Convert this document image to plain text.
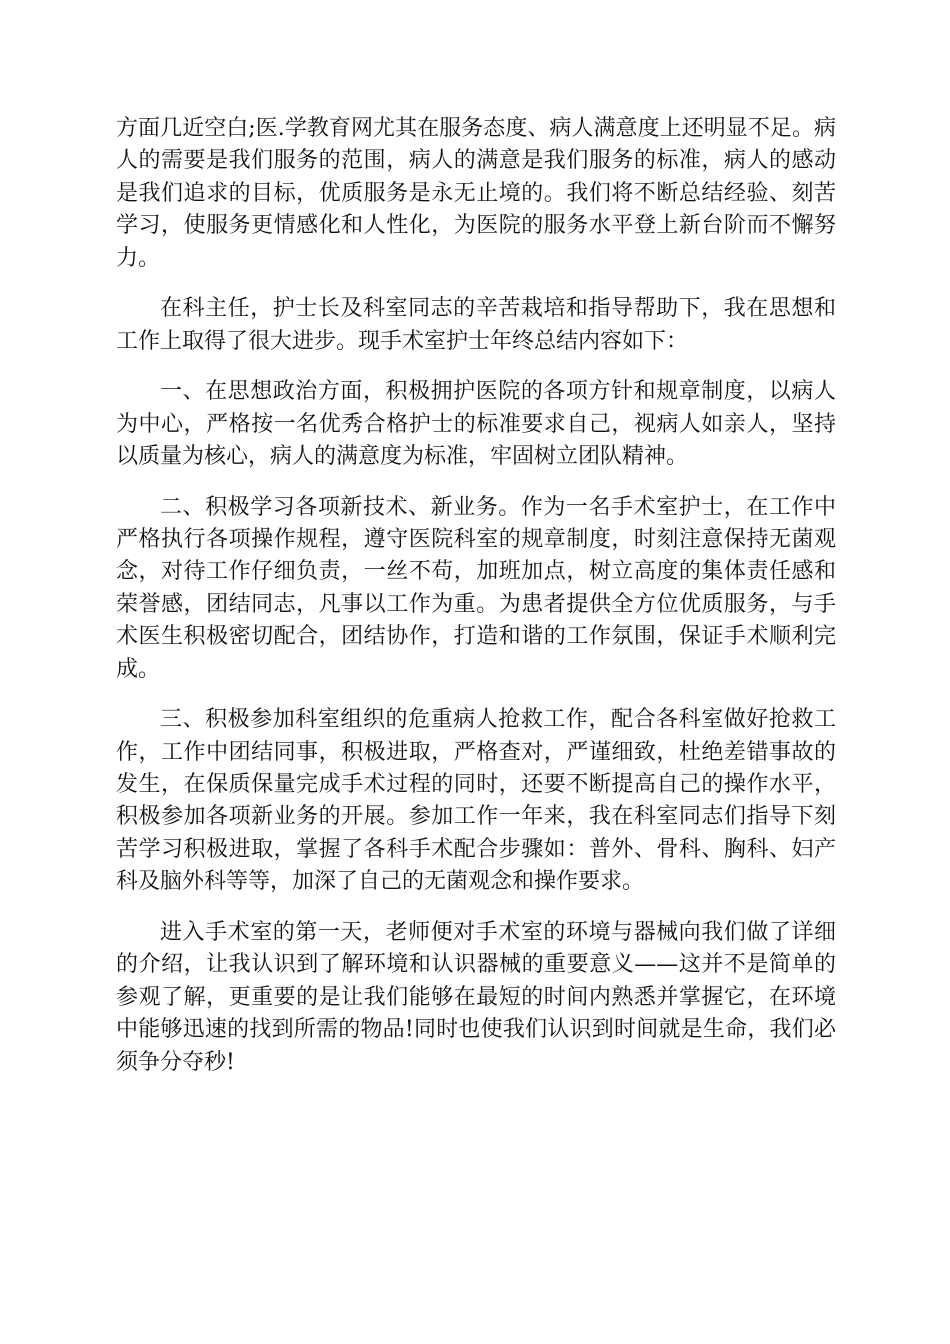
方面几近空白;医.学教育网尤其在服务态度、病人满意度上还明显不足。病人的需要是我们服务的范围，病人的满意是我们服务的标准，病人的感动是我们追求的目标，优质服务是永无止境的。我们将不断总结经验、刻苦学习，使服务更情感化和人性化，为医院的服务水平登上新台阶而不懈努力。

在科主任，护士长及科室同志的辛苦栽培和指导帮助下，我在思想和工作上取得了很大进步。现手术室护士年终总结内容如下：

一、在思想政治方面，积极拥护医院的各项方针和规章制度，以病人为中心，严格按一名优秀合格护士的标准要求自己，视病人如亲人，坚持以质量为核心，病人的满意度为标准，牢固树立团队精神。

二、积极学习各项新技术、新业务。作为一名手术室护士，在工作中严格执行各项操作规程，遵守医院科室的规章制度，时刻注意保持无菌观念，对待工作仔细负责，一丝不苟，加班加点，树立高度的集体责任感和荣誉感，团结同志，凡事以工作为重。为患者提供全方位优质服务，与手术医生积极密切配合，团结协作，打造和谐的工作氛围，保证手术顺利完成。

三、积极参加科室组织的危重病人抢救工作，配合各科室做好抢救工作，工作中团结同事，积极进取，严格查对，严谨细致，杜绝差错事故的发生，在保质保量完成手术过程的同时，还要不断提高自己的操作水平，积极参加各项新业务的开展。参加工作一年来，我在科室同志们指导下刻苦学习积极进取，掌握了各科手术配合步骤如：普外、骨科、胸科、妇产科及脑外科等等，加深了自己的无菌观念和操作要求。

进入手术室的第一天，老师便对手术室的环境与器械向我们做了详细的介绍，让我认识到了解环境和认识器械的重要意义——这并不是简单的参观了解，更重要的是让我们能够在最短的时间内熟悉并掌握它，在环境中能够迅速的找到所需的物品!同时也使我们认识到时间就是生命，我们必须争分夺秒!
